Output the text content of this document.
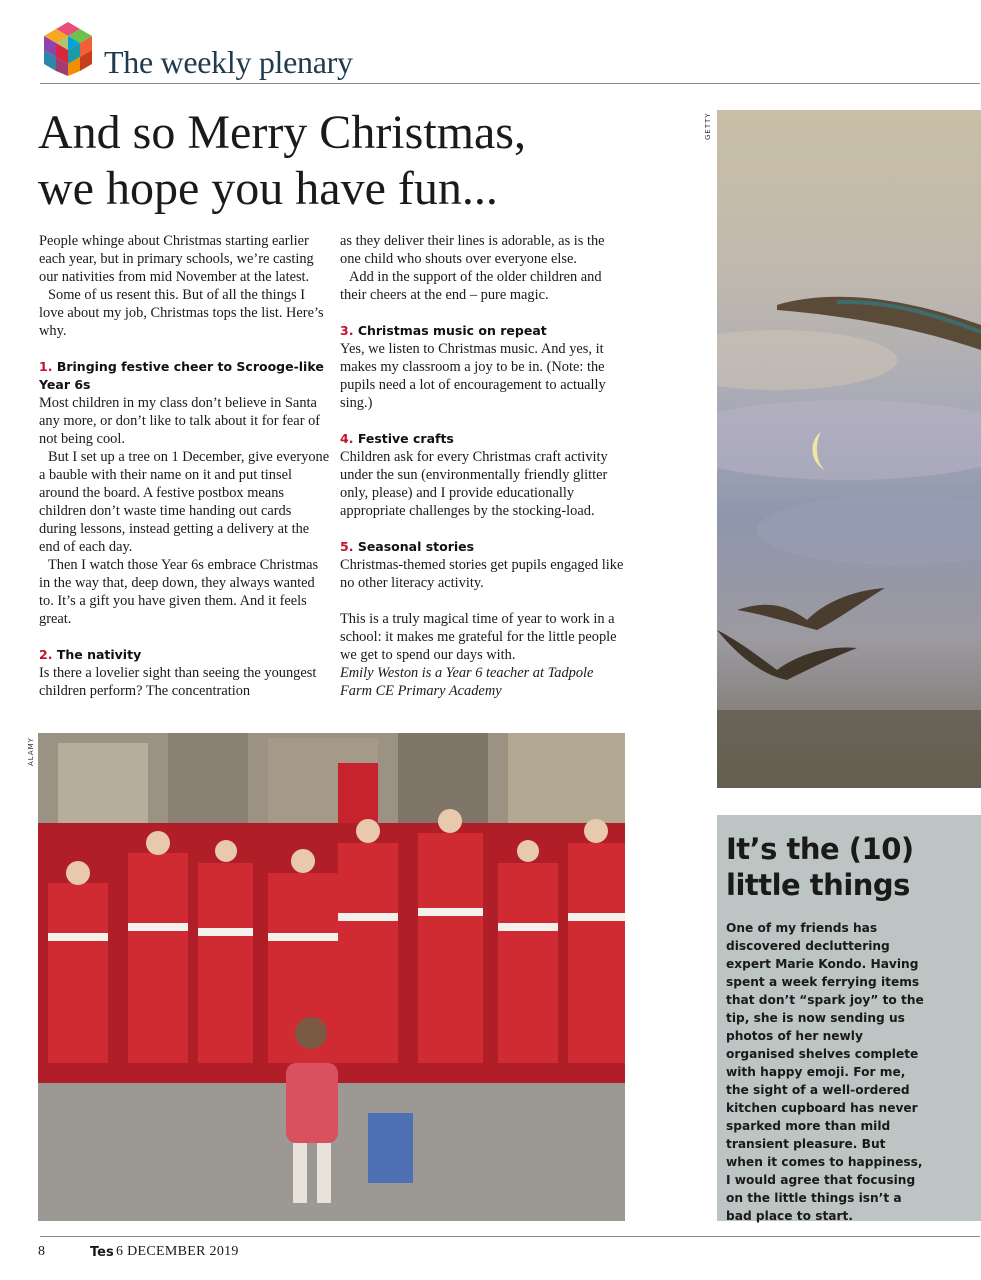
The weekly plenary
And so Merry Christmas,
we hope you have fun...

People whinge about Christmas starting earlier each year, but in primary schools, we’re casting our nativities from mid November at the latest.

Some of us resent this. But of all the things I love about my job, Christmas tops the list. Here’s why.

1. Bringing festive cheer to Scrooge-like Year 6s

Most children in my class don’t believe in Santa any more, or don’t like to talk about it for fear of not being cool.

But I set up a tree on 1 December, give everyone a bauble with their name on it and put tinsel around the board. A festive postbox means children don’t waste time handing out cards during lessons, instead getting a delivery at the end of each day.

Then I watch those Year 6s embrace Christmas in the way that, deep down, they always wanted to. It’s a gift you have given them. And it feels great.

2. The nativity

Is there a lovelier sight than seeing the youngest children perform? The concentration

as they deliver their lines is adorable, as is the one child who shouts over everyone else.

Add in the support of the older children and their cheers at the end – pure magic.

3. Christmas music on repeat

Yes, we listen to Christmas music. And yes, it makes my classroom a joy to be in. (Note: the pupils need a lot of encouragement to actually sing.)

4. Festive crafts

Children ask for every Christmas craft activity under the sun (environmentally friendly glitter only, please) and I provide educationally appropriate challenges by the stocking-load.

5. Seasonal stories

Christmas-themed stories get pupils engaged like no other literacy activity.

This is a truly magical time of year to work in a school: it makes me grateful for the little people we get to spend our days with.

Emily Weston is a Year 6 teacher at Tadpole Farm CE Primary Academy

GETTY
ALAMY
It’s the (10)
little things

One of my friends has discovered decluttering expert Marie Kondo. Having spent a week ferrying items that don’t “spark joy” to the tip, she is now sending us photos of her newly organised shelves complete with happy emoji. For me, the sight of a well-ordered kitchen cupboard has never sparked more than mild transient pleasure. But when it comes to happiness, I would agree that focusing on the little things isn’t a bad place to start.

8	Tes 6 DECEMBER 2019
